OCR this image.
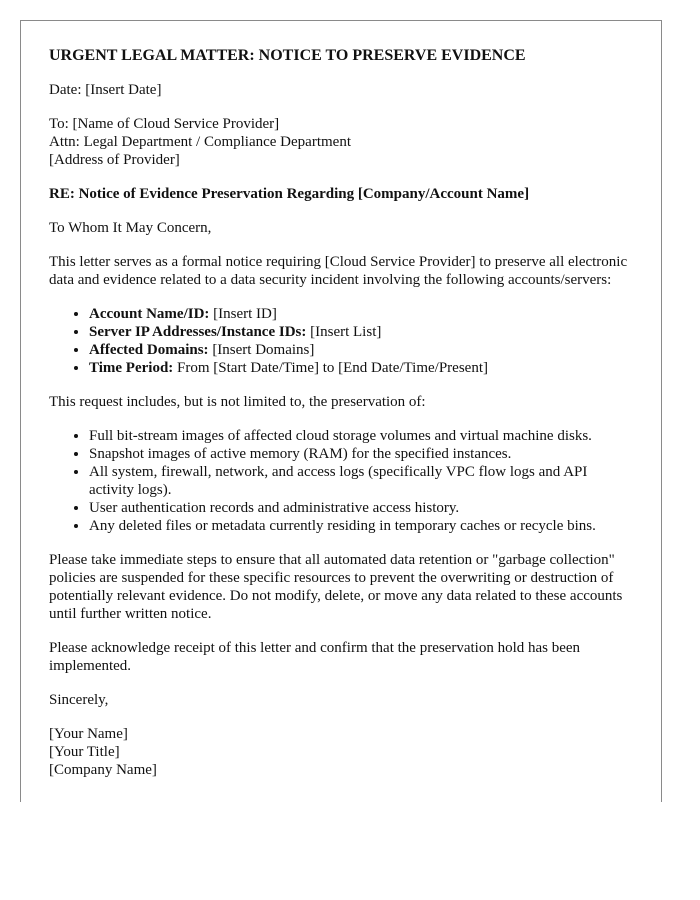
URGENT LEGAL MATTER: NOTICE TO PRESERVE EVIDENCE

Date: [Insert Date]

To: [Name of Cloud Service Provider]

Attn: Legal Department / Compliance Department

[Address of Provider]

RE: Notice of Evidence Preservation Regarding [Company/Account Name]

To Whom It May Concern,

This letter serves as a formal notice requiring [Cloud Service Provider] to preserve all electronic data and evidence related to a data security incident involving the following accounts/servers:

• Account Name/ID: [Insert ID]
• Server IP Addresses/Instance IDs: [Insert List]
• Affected Domains: [Insert Domains]
• Time Period: From [Start Date/Time] to [End Date/Time/Present]

This request includes, but is not limited to, the preservation of:

• Full bit-stream images of affected cloud storage volumes and virtual machine disks.
• Snapshot images of active memory (RAM) for the specified instances.
• All system, firewall, network, and access logs (specifically VPC flow logs and API activity logs).
• User authentication records and administrative access history.
• Any deleted files or metadata currently residing in temporary caches or recycle bins.

Please take immediate steps to ensure that all automated data retention or "garbage collection" policies are suspended for these specific resources to prevent the overwriting or destruction of potentially relevant evidence. Do not modify, delete, or move any data related to these accounts until further written notice.

Please acknowledge receipt of this letter and confirm that the preservation hold has been implemented.

Sincerely,

[Your Name]

[Your Title]

[Company Name]
